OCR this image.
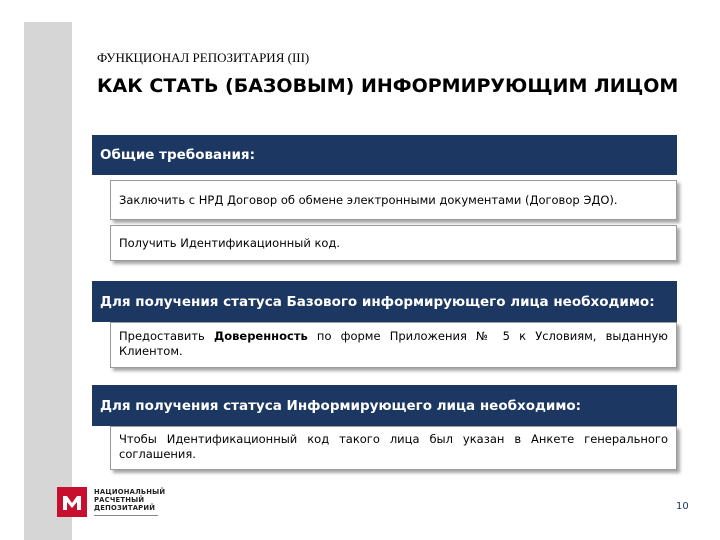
ФУНКЦИОНАЛ РЕПОЗИТАРИЯ (III)
КАК СТАТЬ (БАЗОВЫМ) ИНФОРМИРУЮЩИМ ЛИЦОМ
Общие требования:
Заключить с НРД Договор об обмене электронными документами (Договор ЭДО).
Получить Идентификационный код.
Для получения статуса Базового информирующего лица необходимо:
Предоставить Доверенность по форме Приложения № 5 к Условиям, выданную Клиентом.
Для получения статуса Информирующего лица необходимо:
Чтобы Идентификационный код такого лица был указан в Анкете генерального соглашения.
НАЦИОНАЛЬНЫЙ
РАСЧЕТНЫЙ
ДЕПОЗИТАРИЙ	10
